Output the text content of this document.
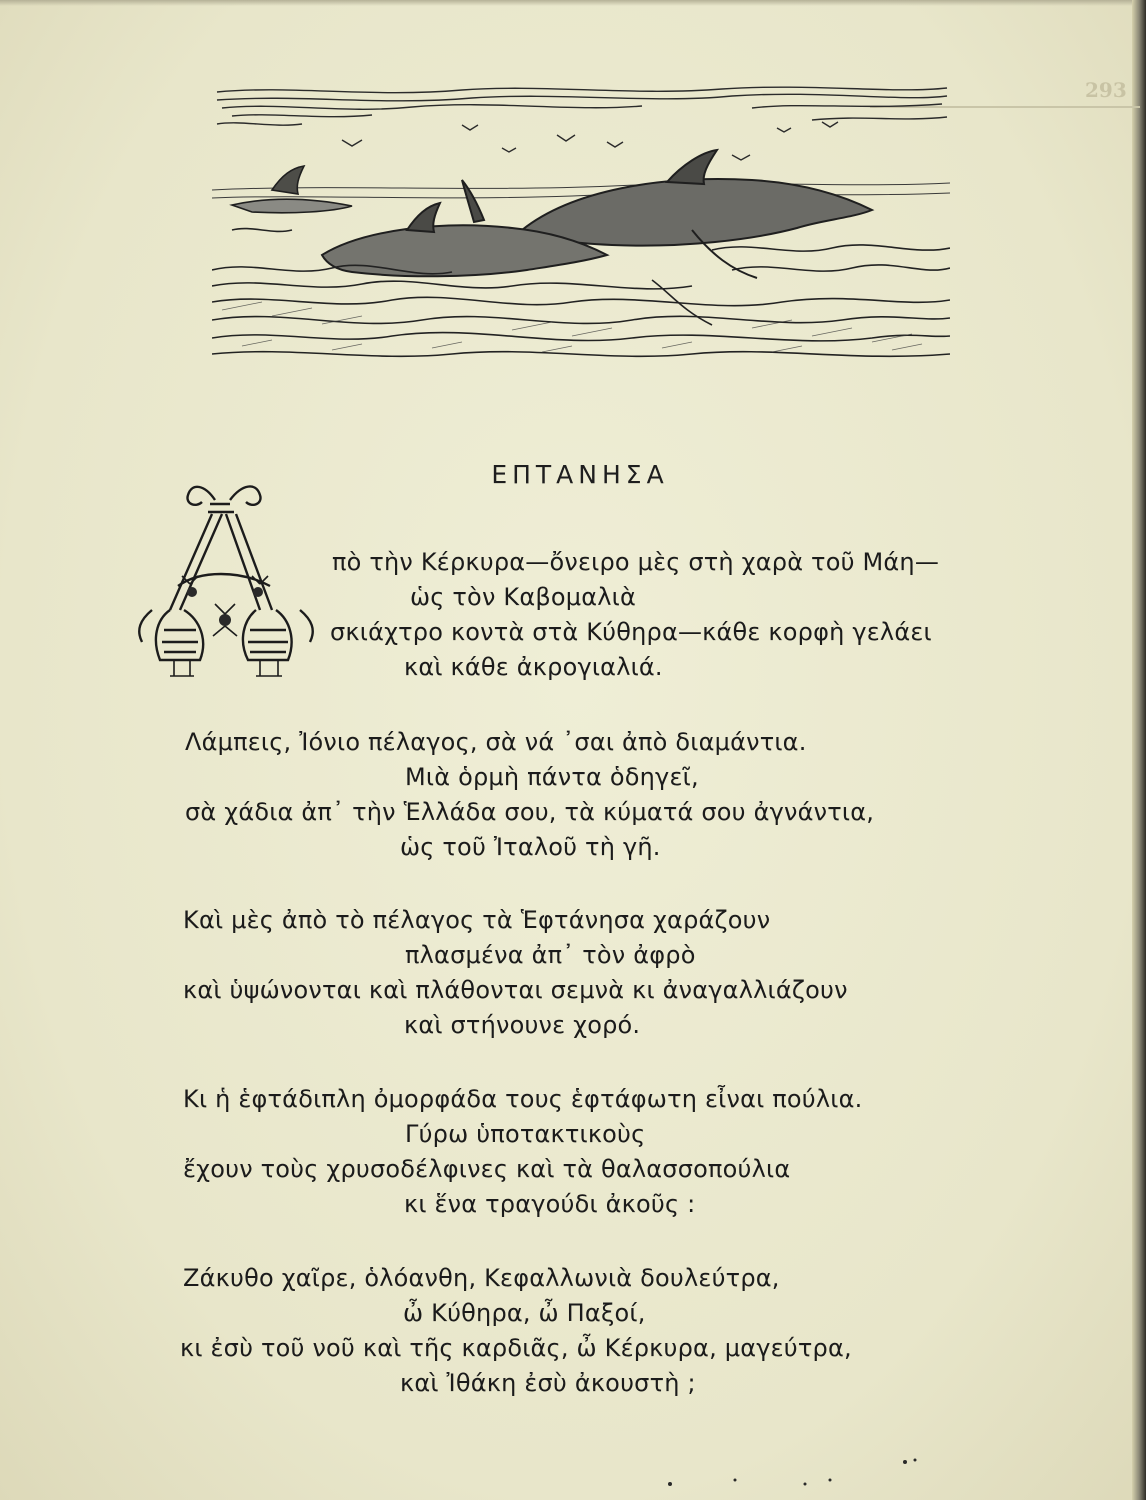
293
ΕΠΤΑΝΗΣΑ
πὸ τὴν Κέρκυρα—ὄνειρο μὲς στὴ χαρὰ τοῦ Μάη—
ὡς τὸν Καβομαλιὰ
σκιάχτρο κοντὰ στὰ Κύθηρα—κάθε κορφὴ γελάει
καὶ κάθε ἀκρογιαλιά.
Λάμπεις, Ἰόνιο πέλαγος, σὰ νά ᾽σαι ἀπὸ διαμάντια.
Μιὰ ὁρμὴ πάντα ὁδηγεῖ,
σὰ χάδια ἀπ᾽ τὴν Ἑλλάδα σου, τὰ κύματά σου ἀγνάντια,
ὡς τοῦ Ἰταλοῦ τὴ γῆ.
Καὶ μὲς ἀπὸ τὸ πέλαγος τὰ Ἑφτάνησα χαράζουν
πλασμένα ἀπ᾽ τὸν ἀφρὸ
καὶ ὑψώνονται καὶ πλάθονται σεμνὰ κι ἀναγαλλιάζουν
καὶ στήνουνε χορό.
Κι ἡ ἑφτάδιπλη ὀμορφάδα τους ἑφτάφωτη εἶναι πούλια.
Γύρω ὑποτακτικοὺς
ἔχουν τοὺς χρυσοδέλφινες καὶ τὰ θαλασσοπούλια
κι ἕνα τραγούδι ἀκοῦς :
Ζάκυθο χαῖρε, ὁλόανθη, Κεφαλλωνιὰ δουλεύτρα,
ὦ Κύθηρα, ὦ Παξοί,
κι ἐσὺ τοῦ νοῦ καὶ τῆς καρδιᾶς, ὦ Κέρκυρα, μαγεύτρα,
καὶ Ἰθάκη ἐσὺ ἀκουστὴ ;
